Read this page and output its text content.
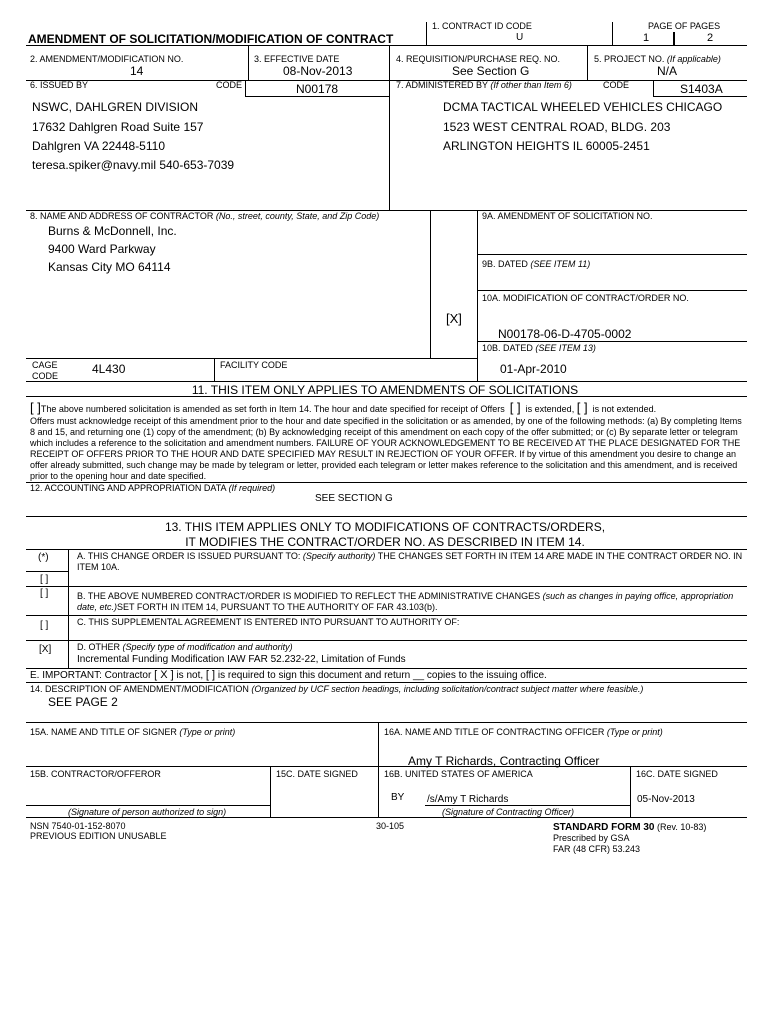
1. CONTRACT ID CODE
U
PAGE OF PAGES
1	2
AMENDMENT OF SOLICITATION/MODIFICATION OF CONTRACT
2. AMENDMENT/MODIFICATION NO.
14
3. EFFECTIVE DATE
08-Nov-2013
4. REQUISITION/PURCHASE REQ. NO.
See Section G
5. PROJECT NO. (If applicable)
N/A
6. ISSUED BY	CODE	N00178	7. ADMINISTERED BY (If other than Item 6)	CODE	S1403A
NSWC, DAHLGREN DIVISION
17632 Dahlgren Road Suite 157
Dahlgren VA 22448-5110
teresa.spiker@navy.mil 540-653-7039
DCMA TACTICAL WHEELED VEHICLES CHICAGO
1523 WEST CENTRAL ROAD, BLDG. 203
ARLINGTON HEIGHTS IL 60005-2451
8. NAME AND ADDRESS OF CONTRACTOR (No., street, county, State, and Zip Code)
Burns & McDonnell, Inc.
9400 Ward Parkway
Kansas City MO 64114
9A. AMENDMENT OF SOLICITATION NO.
9B. DATED (SEE ITEM 11)
10A. MODIFICATION OF CONTRACT/ORDER NO.
[X]
N00178-06-D-4705-0002
10B. DATED (SEE ITEM 13)
01-Apr-2010
CAGE
CODE	4L430	FACILITY CODE
11. THIS ITEM ONLY APPLIES TO AMENDMENTS OF SOLICITATIONS
[ ]The above numbered solicitation is amended as set forth in Item 14. The hour and date specified for receipt of Offers [ ] is extended, [ ] is not extended.
Offers must acknowledge receipt of this amendment prior to the hour and date specified in the solicitation or as amended, by one of the following methods: (a) By completing Items 8 and 15, and returning one (1) copy of the amendment; (b) By acknowledging receipt of this amendment on each copy of the offer submitted; or (c) By separate letter or telegram which includes a reference to the solicitation and amendment numbers. FAILURE OF YOUR ACKNOWLEDGEMENT TO BE RECEIVED AT THE PLACE DESIGNATED FOR THE RECEIPT OF OFFERS PRIOR TO THE HOUR AND DATE SPECIFIED MAY RESULT IN REJECTION OF YOUR OFFER. If by virtue of this amendment you desire to change an offer already submitted, such change may be made by telegram or letter, provided each telegram or letter makes reference to the solicitation and this amendment, and is received prior to the opening hour and date specified.
12. ACCOUNTING AND APPROPRIATION DATA (If required)
SEE SECTION G
13. THIS ITEM APPLIES ONLY TO MODIFICATIONS OF CONTRACTS/ORDERS,
IT MODIFIES THE CONTRACT/ORDER NO. AS DESCRIBED IN ITEM 14.
(*)	A. THIS CHANGE ORDER IS ISSUED PURSUANT TO: (Specify authority) THE CHANGES SET FORTH IN ITEM 14 ARE MADE IN THE CONTRACT ORDER NO. IN
ITEM 10A.
[ ]
[ ]	B. THE ABOVE NUMBERED CONTRACT/ORDER IS MODIFIED TO REFLECT THE ADMINISTRATIVE CHANGES (such as changes in paying office, appropriation
date, etc.)SET FORTH IN ITEM 14, PURSUANT TO THE AUTHORITY OF FAR 43.103(b).
[ ]	C. THIS SUPPLEMENTAL AGREEMENT IS ENTERED INTO PURSUANT TO AUTHORITY OF:
[X]	D. OTHER (Specify type of modification and authority)
Incremental Funding Modification IAW FAR 52.232-22, Limitation of Funds
E. IMPORTANT: Contractor [ X ] is not, [ ] is required to sign this document and return __ copies to the issuing office.
14. DESCRIPTION OF AMENDMENT/MODIFICATION (Organized by UCF section headings, including solicitation/contract subject matter where feasible.)
SEE PAGE 2
15A. NAME AND TITLE OF SIGNER (Type or print)	16A. NAME AND TITLE OF CONTRACTING OFFICER (Type or print)
Amy T Richards, Contracting Officer
15B. CONTRACTOR/OFFEROR	15C. DATE SIGNED	16B. UNITED STATES OF AMERICA	16C. DATE SIGNED
BY /s/Amy T Richards	05-Nov-2013
(Signature of person authorized to sign)	(Signature of Contracting Officer)
NSN 7540-01-152-8070
PREVIOUS EDITION UNUSABLE
30-105	STANDARD FORM 30 (Rev. 10-83)
Prescribed by GSA
FAR (48 CFR) 53.243
